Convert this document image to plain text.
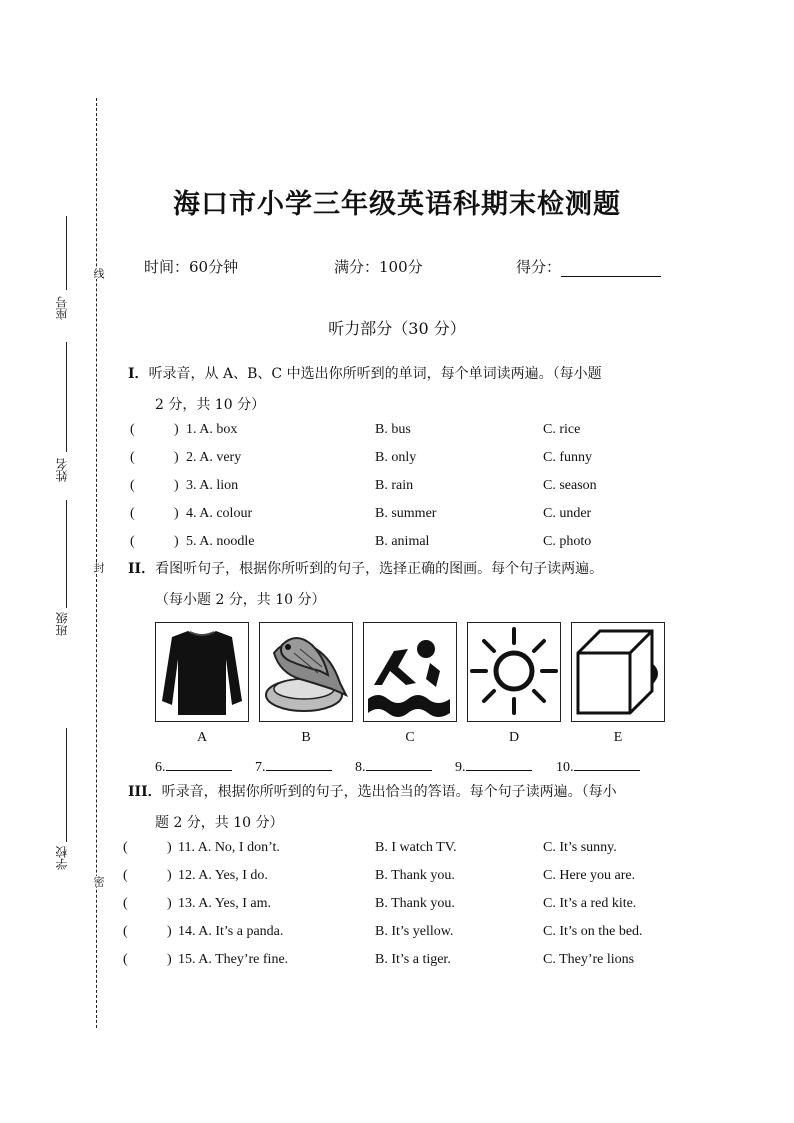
座号
姓名
班级
学校
线
封
密
海口市小学三年级英语科期末检测题
时间：60分钟	满分：100分	得分：
听力部分（30 分）
I．听录音，从 A、B、C 中选出你所听到的单词，每个单词读两遍。（每小题
2 分，共 10 分）
(	) 1. A. box	B. bus	C. rice
(	) 2. A. very	B. only	C. funny
(	) 3. A. lion	B. rain	C. season
(	) 4. A. colour	B. summer	C. under
(	) 5. A. noodle	B. animal	C. photo
II．看图听句子，根据你所听到的句子，选择正确的图画。每个句子读两遍。
（每小题 2 分，共 10 分）
A	B	C	D	E
6.	7.	8.	9.	10.
III．听录音，根据你所听到的句子，选出恰当的答语。每个句子读两遍。（每小
题 2 分，共 10 分）
(	) 11. A. No, I don’t.	B. I watch TV.	C. It’s sunny.
(	) 12. A. Yes, I do.	B. Thank you.	C. Here you are.
(	) 13. A. Yes, I am.	B. Thank you.	C. It’s a red kite.
(	) 14. A. It’s a panda.	B. It’s yellow.	C. It’s on the bed.
(	) 15. A. They’re fine.	B. It’s a tiger.	C. They’re lions
